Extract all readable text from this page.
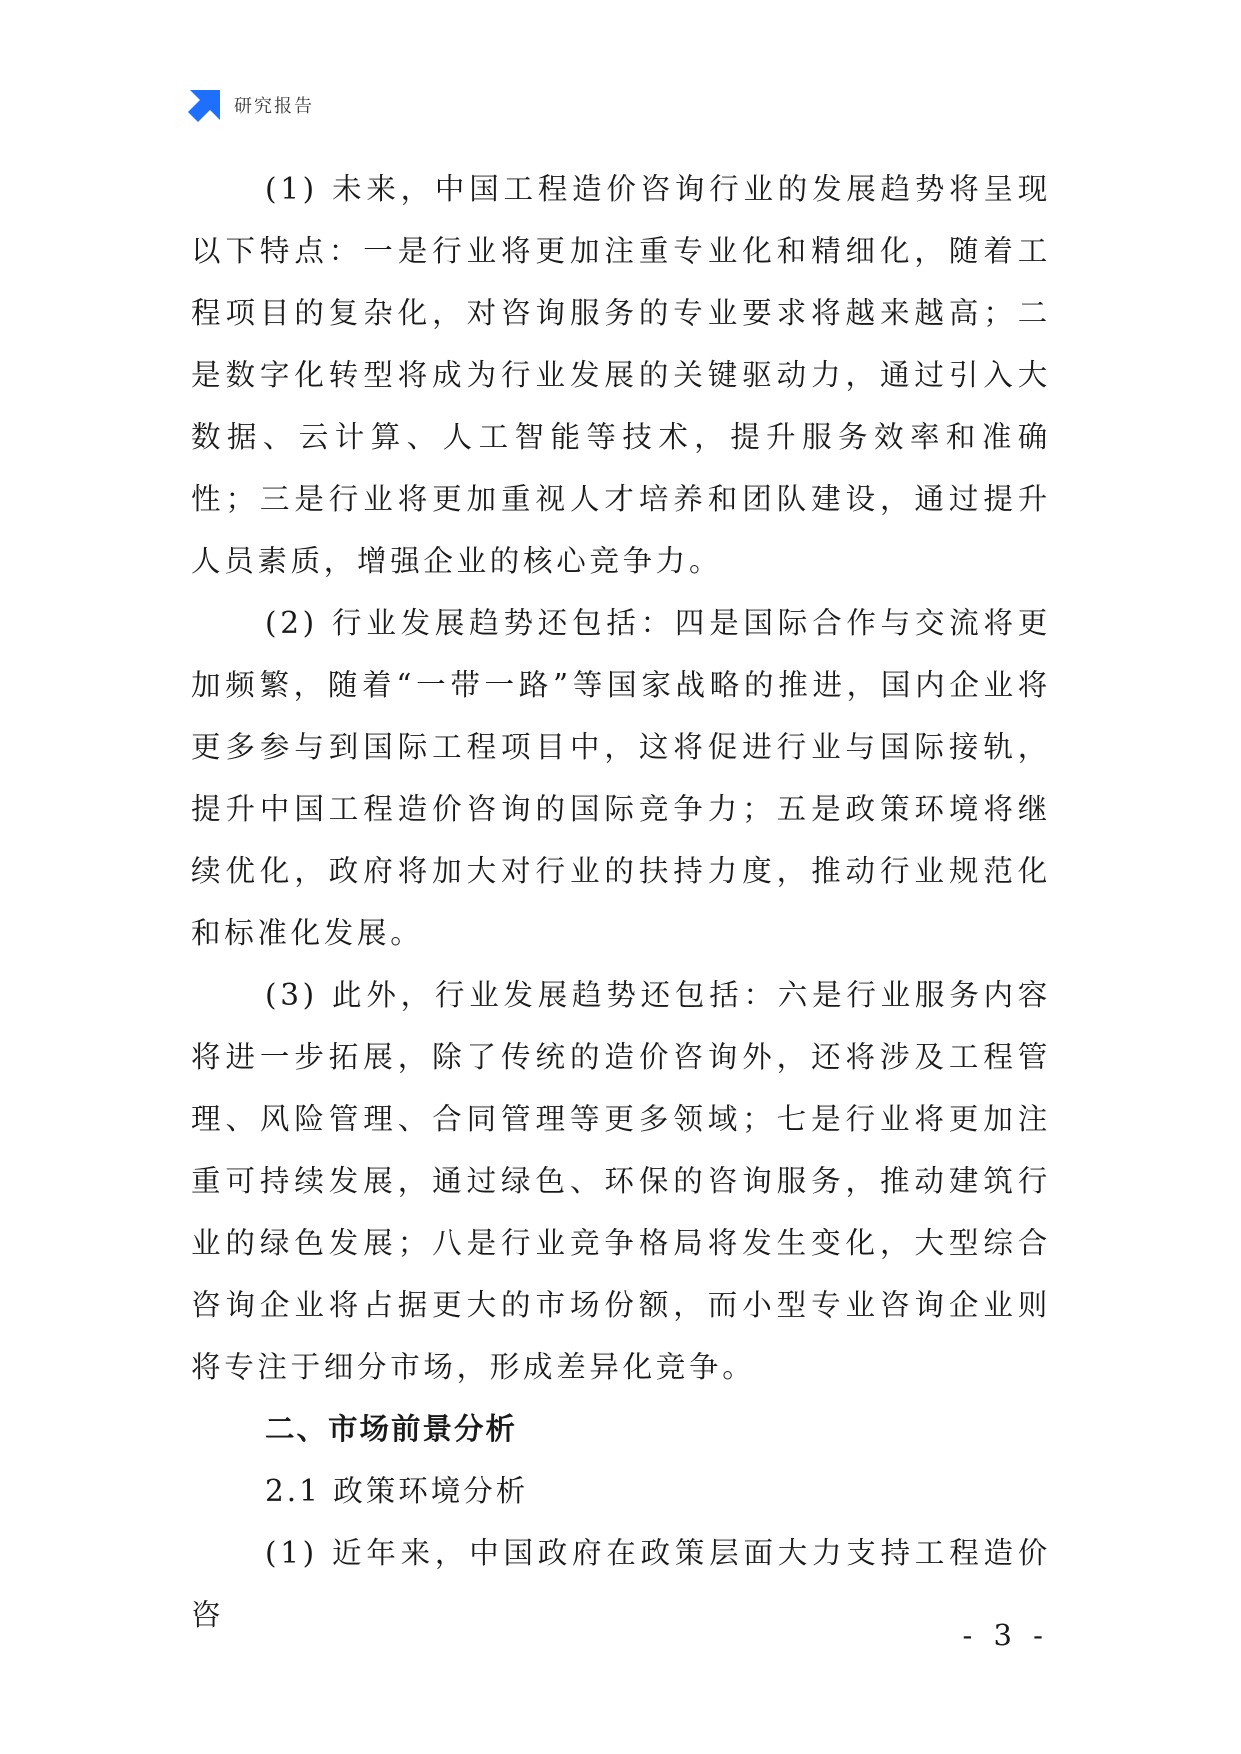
研究报告

(1) 未来，中国工程造价咨询行业的发展趋势将呈现以下特点：一是行业将更加注重专业化和精细化，随着工程项目的复杂化，对咨询服务的专业要求将越来越高；二是数字化转型将成为行业发展的关键驱动力，通过引入大数据、云计算、人工智能等技术，提升服务效率和准确性；三是行业将更加重视人才培养和团队建设，通过提升人员素质，增强企业的核心竞争力。

(2) 行业发展趋势还包括：四是国际合作与交流将更加频繁，随着“一带一路”等国家战略的推进，国内企业将更多参与到国际工程项目中，这将促进行业与国际接轨，提升中国工程造价咨询的国际竞争力；五是政策环境将继续优化，政府将加大对行业的扶持力度，推动行业规范化和标准化发展。

(3) 此外，行业发展趋势还包括：六是行业服务内容将进一步拓展，除了传统的造价咨询外，还将涉及工程管理、风险管理、合同管理等更多领域；七是行业将更加注重可持续发展，通过绿色、环保的咨询服务，推动建筑行业的绿色发展；八是行业竞争格局将发生变化，大型综合咨询企业将占据更大的市场份额，而小型专业咨询企业则将专注于细分市场，形成差异化竞争。

二、市场前景分析

2.1 政策环境分析

(1) 近年来，中国政府在政策层面大力支持工程造价咨

- 3 -
